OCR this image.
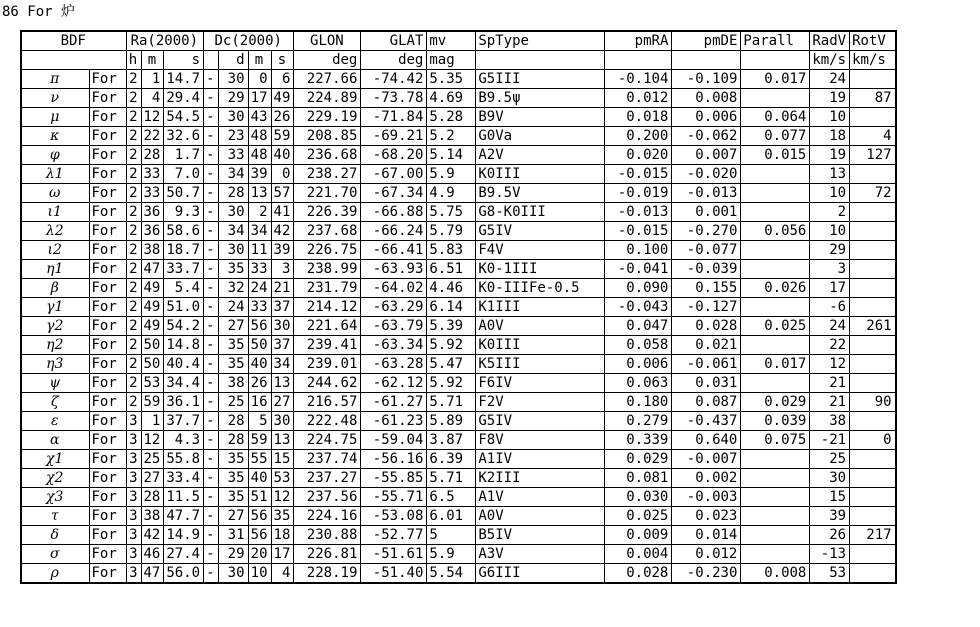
86 For 炉
BDF		Ra(2000)			Dc(2000)				GLON	GLAT	mv	SpType	pmRA	pmDE	Parall	RadV	RotV
		h	m	s		d	m	s	deg	deg	mag					km/s	km/s
π	For	2	1	14.7	-	30	0	6	227.66	-74.42	5.35	G5III	-0.104	-0.109	0.017	24	
ν	For	2	4	29.4	-	29	17	49	224.89	-73.78	4.69	B9.5ψ	0.012	0.008		19	87
μ	For	2	12	54.5	-	30	43	26	229.19	-71.84	5.28	B9V	0.018	0.006	0.064	10	
κ	For	2	22	32.6	-	23	48	59	208.85	-69.21	5.2	G0Va	0.200	-0.062	0.077	18	4
φ	For	2	28	1.7	-	33	48	40	236.68	-68.20	5.14	A2V	0.020	0.007	0.015	19	127
λ1	For	2	33	7.0	-	34	39	0	238.27	-67.00	5.9	K0III	-0.015	-0.020		13	
ω	For	2	33	50.7	-	28	13	57	221.70	-67.34	4.9	B9.5V	-0.019	-0.013		10	72
ι1	For	2	36	9.3	-	30	2	41	226.39	-66.88	5.75	G8-K0III	-0.013	0.001		2	
λ2	For	2	36	58.6	-	34	34	42	237.68	-66.24	5.79	G5IV	-0.015	-0.270	0.056	10	
ι2	For	2	38	18.7	-	30	11	39	226.75	-66.41	5.83	F4V	0.100	-0.077		29	
η1	For	2	47	33.7	-	35	33	3	238.99	-63.93	6.51	K0-1III	-0.041	-0.039		3	
β	For	2	49	5.4	-	32	24	21	231.79	-64.02	4.46	K0-IIIFe-0.5	0.090	0.155	0.026	17	
γ1	For	2	49	51.0	-	24	33	37	214.12	-63.29	6.14	K1III	-0.043	-0.127		-6	
γ2	For	2	49	54.2	-	27	56	30	221.64	-63.79	5.39	A0V	0.047	0.028	0.025	24	261
η2	For	2	50	14.8	-	35	50	37	239.41	-63.34	5.92	K0III	0.058	0.021		22	
η3	For	2	50	40.4	-	35	40	34	239.01	-63.28	5.47	K5III	0.006	-0.061	0.017	12	
ψ	For	2	53	34.4	-	38	26	13	244.62	-62.12	5.92	F6IV	0.063	0.031		21	
ζ	For	2	59	36.1	-	25	16	27	216.57	-61.27	5.71	F2V	0.180	0.087	0.029	21	90
ε	For	3	1	37.7	-	28	5	30	222.48	-61.23	5.89	G5IV	0.279	-0.437	0.039	38	
α	For	3	12	4.3	-	28	59	13	224.75	-59.04	3.87	F8V	0.339	0.640	0.075	-21	0
χ1	For	3	25	55.8	-	35	55	15	237.74	-56.16	6.39	A1IV	0.029	-0.007		25	
χ2	For	3	27	33.4	-	35	40	53	237.27	-55.85	5.71	K2III	0.081	0.002		30	
χ3	For	3	28	11.5	-	35	51	12	237.56	-55.71	6.5	A1V	0.030	-0.003		15	
τ	For	3	38	47.7	-	27	56	35	224.16	-53.08	6.01	A0V	0.025	0.023		39	
δ	For	3	42	14.9	-	31	56	18	230.88	-52.77	5	B5IV	0.009	0.014		26	217
σ	For	3	46	27.4	-	29	20	17	226.81	-51.61	5.9	A3V	0.004	0.012		-13	
ρ	For	3	47	56.0	-	30	10	4	228.19	-51.40	5.54	G6III	0.028	-0.230	0.008	53	
